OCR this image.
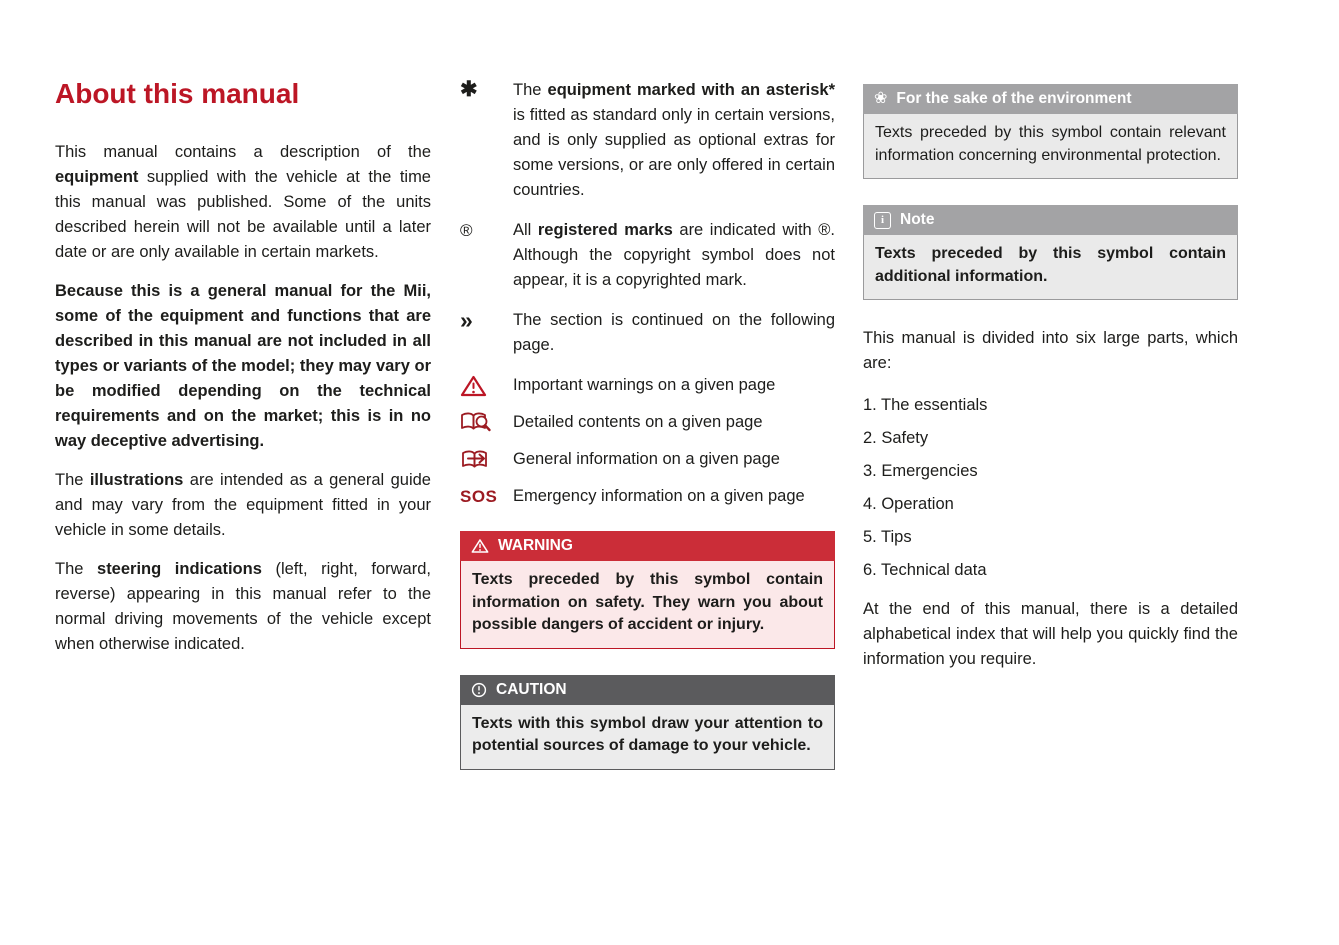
About this manual

This manual contains a description of the equipment supplied with the vehicle at the time this manual was published. Some of the units described herein will not be available until a later date or are only available in certain markets.

Because this is a general manual for the Mii, some of the equipment and functions that are described in this manual are not included in all types or variants of the model; they may vary or be modified depending on the technical requirements and on the market; this is in no way deceptive advertising.

The illustrations are intended as a general guide and may vary from the equipment fitted in your vehicle in some details.

The steering indications (left, right, forward, reverse) appearing in this manual refer to the normal driving movements of the vehicle except when otherwise indicated.

✱	The equipment marked with an asterisk* is fitted as standard only in certain versions, and is only supplied as optional extras for some versions, or are only offered in certain countries.
®	All registered marks are indicated with ®. Although the copyright symbol does not appear, it is a copyrighted mark.
»	The section is continued on the following page.
Important warnings on a given page
Detailed contents on a given page
General information on a given page
SOS Emergency information on a given page
WARNING
Texts preceded by this symbol contain information on safety. They warn you about possible dangers of accident or injury.
CAUTION
Texts with this symbol draw your attention to potential sources of damage to your vehicle.
❀ For the sake of the environment
Texts preceded by this symbol contain relevant information concerning environmental protection.
i	Note
Texts preceded by this symbol contain additional information.

This manual is divided into six large parts, which are:

1. The essentials

2. Safety

3. Emergencies

4. Operation

5. Tips

6. Technical data

At the end of this manual, there is a detailed alphabetical index that will help you quickly find the information you require.
